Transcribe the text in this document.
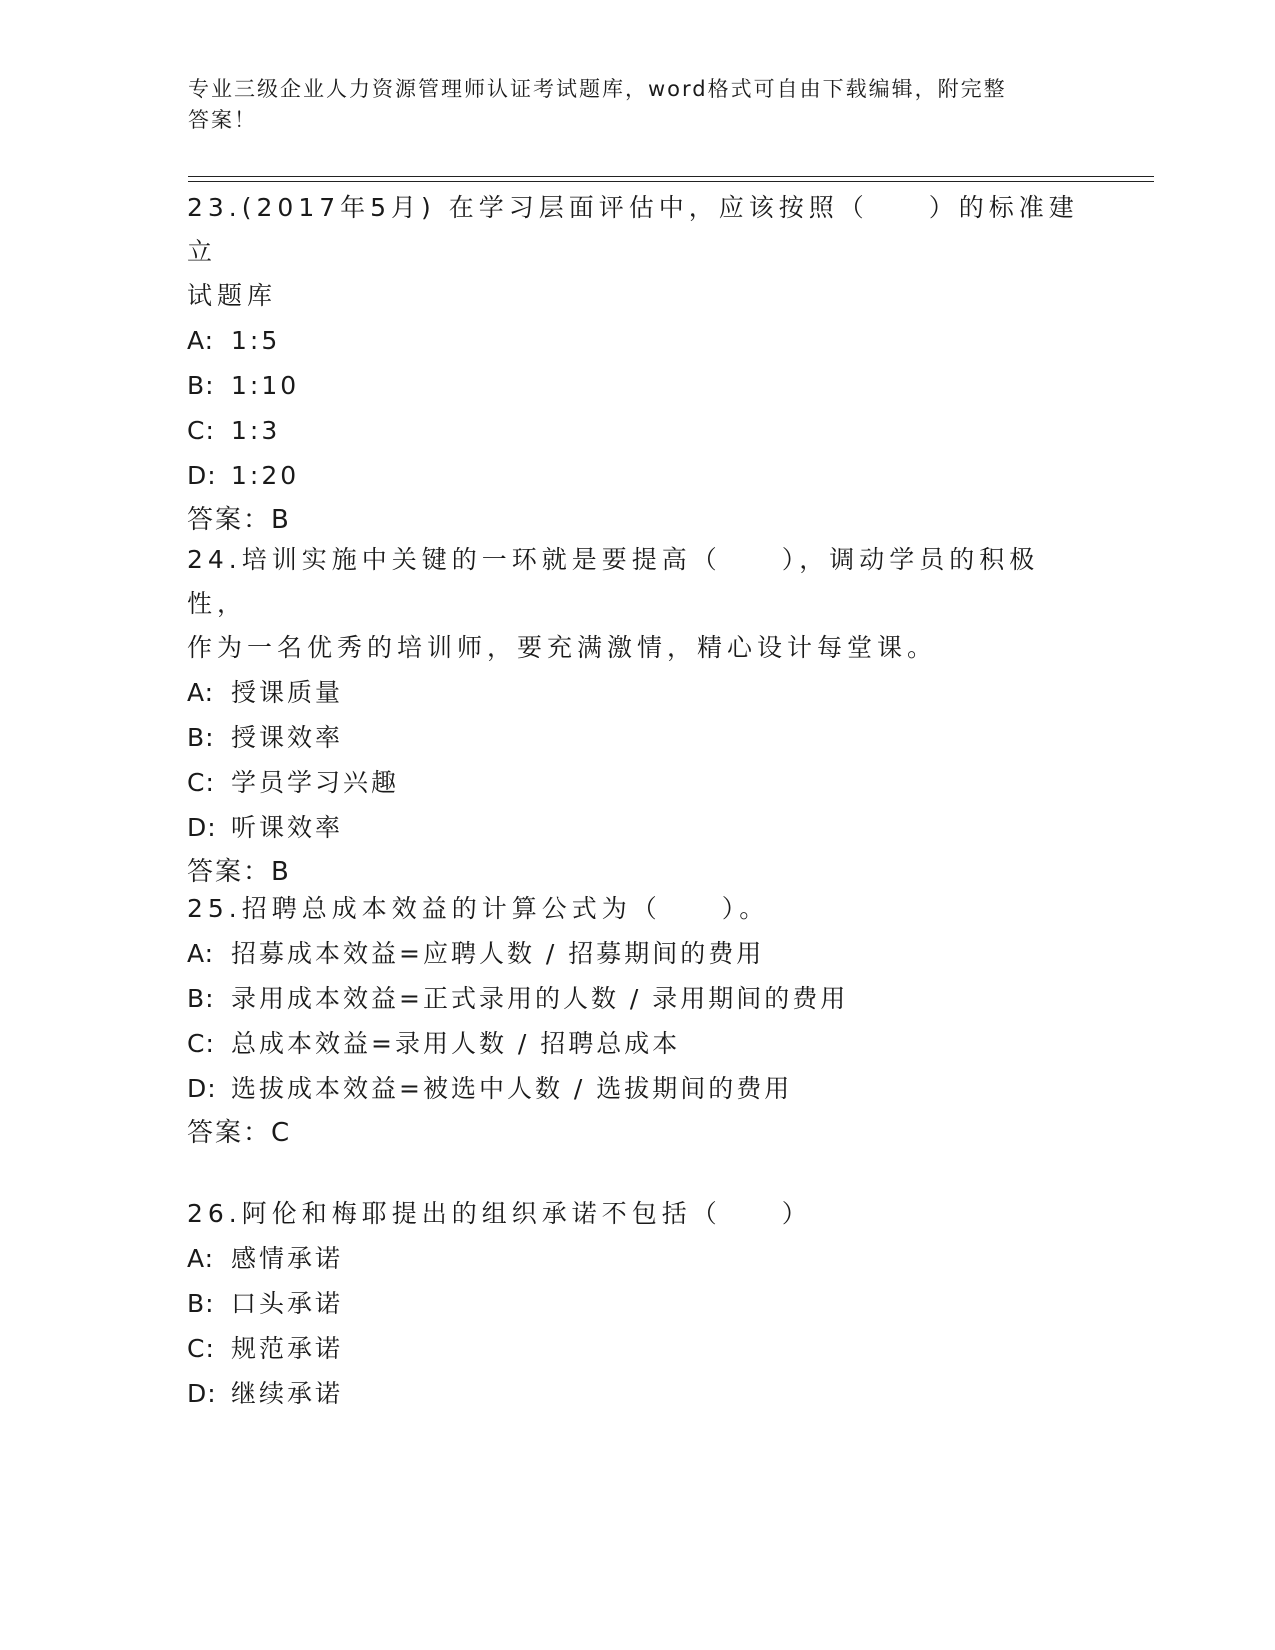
专业三级企业人力资源管理师认证考试题库，word格式可自由下载编辑，附完整
答案！

23.(2017年5月) 在学习层面评估中，应该按照（　　）的标准建立

试题库

A: 1:5

B: 1:10

C: 1:3

D: 1:20

答案：B

24.培训实施中关键的一环就是要提高（　　），调动学员的积极性，

作为一名优秀的培训师，要充满激情，精心设计每堂课。

A: 授课质量

B: 授课效率

C: 学员学习兴趣

D: 听课效率

答案：B

25.招聘总成本效益的计算公式为（　　）。

A: 招募成本效益=应聘人数 / 招募期间的费用

B: 录用成本效益=正式录用的人数 / 录用期间的费用

C: 总成本效益=录用人数 / 招聘总成本

D: 选拔成本效益=被选中人数 / 选拔期间的费用

答案：C

26.阿伦和梅耶提出的组织承诺不包括（　　）

A: 感情承诺

B: 口头承诺

C: 规范承诺

D: 继续承诺
